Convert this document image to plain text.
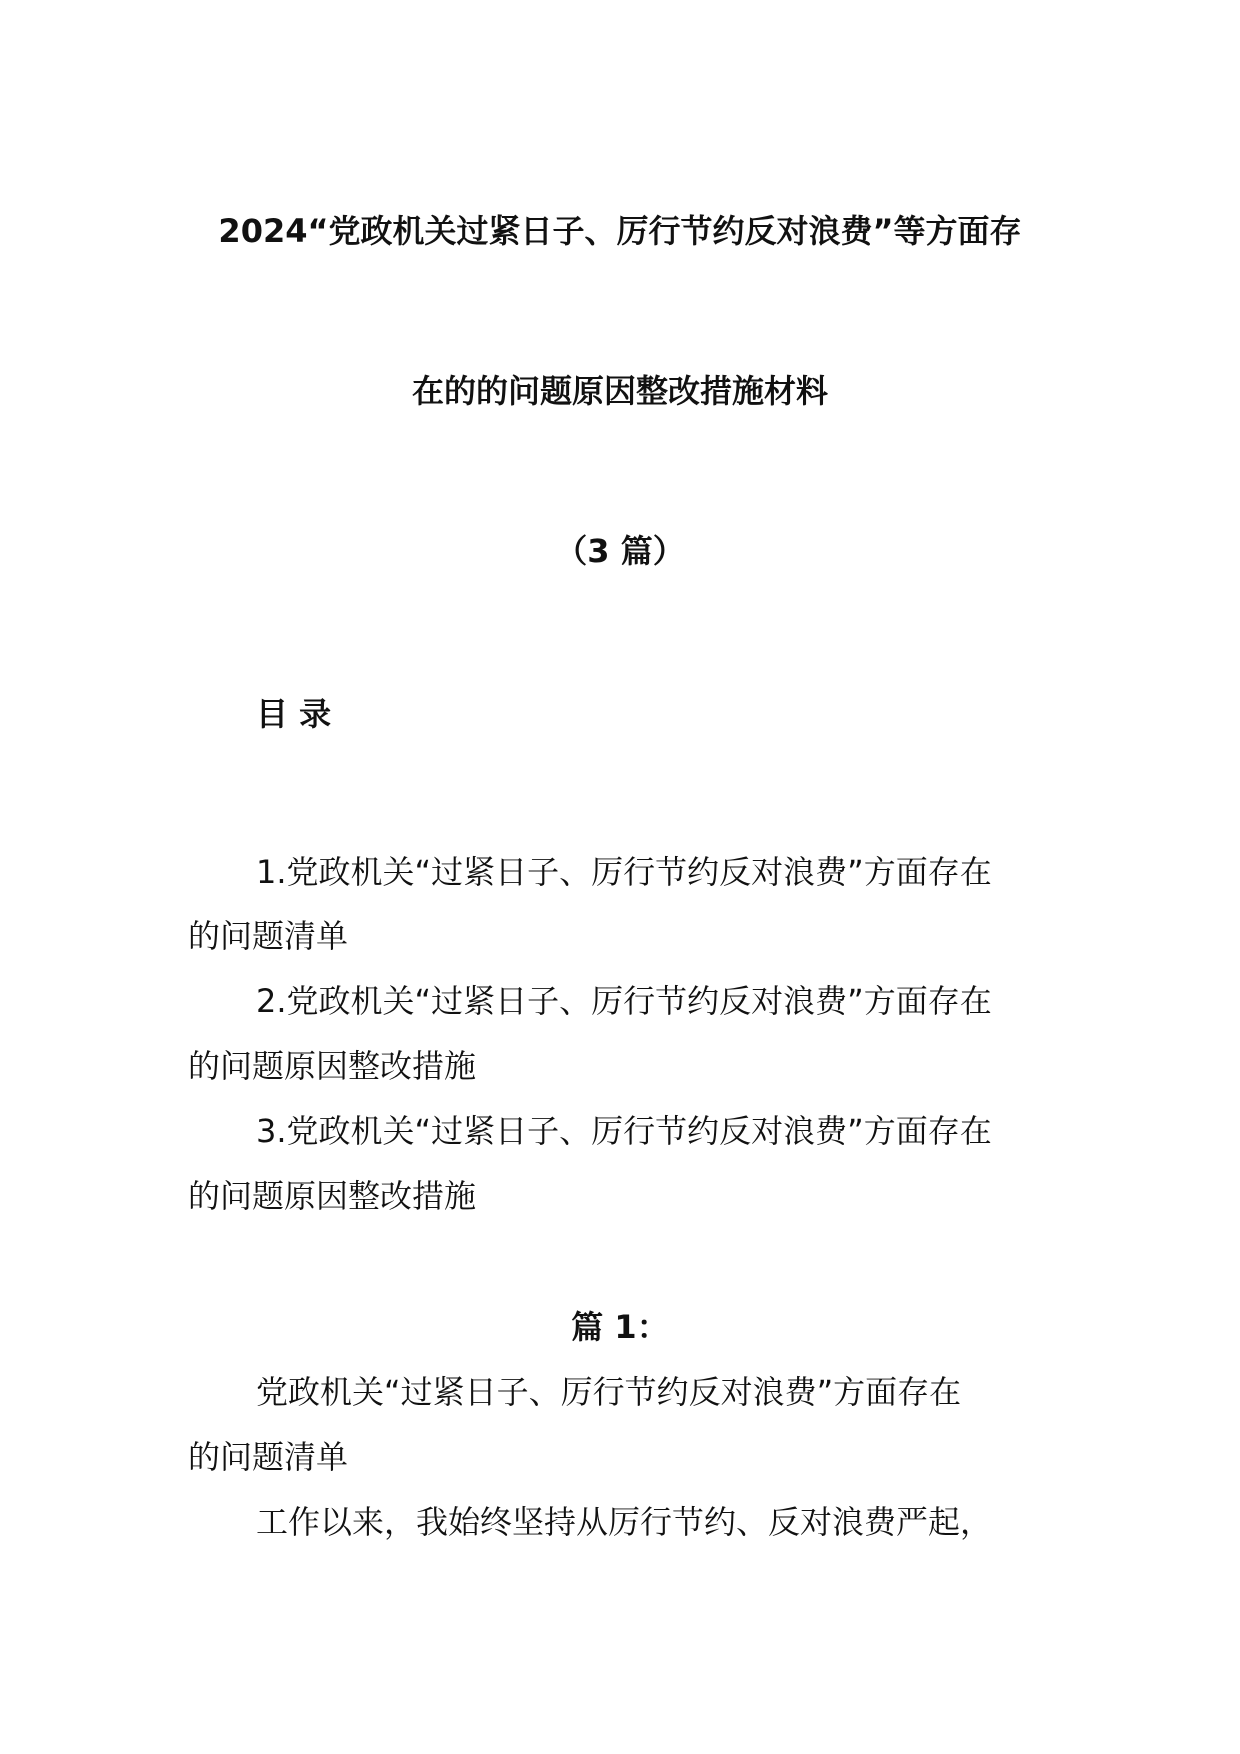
2024“党政机关过紧日子、厉行节约反对浪费”等方面存
在的的问题原因整改措施材料
（3 篇）
目 录
1.党政机关“过紧日子、厉行节约反对浪费”方面存在
的问题清单
2.党政机关“过紧日子、厉行节约反对浪费”方面存在
的问题原因整改措施
3.党政机关“过紧日子、厉行节约反对浪费”方面存在
的问题原因整改措施
篇 1：
党政机关“过紧日子、厉行节约反对浪费”方面存在
的问题清单
工作以来，我始终坚持从厉行节约、反对浪费严起，
